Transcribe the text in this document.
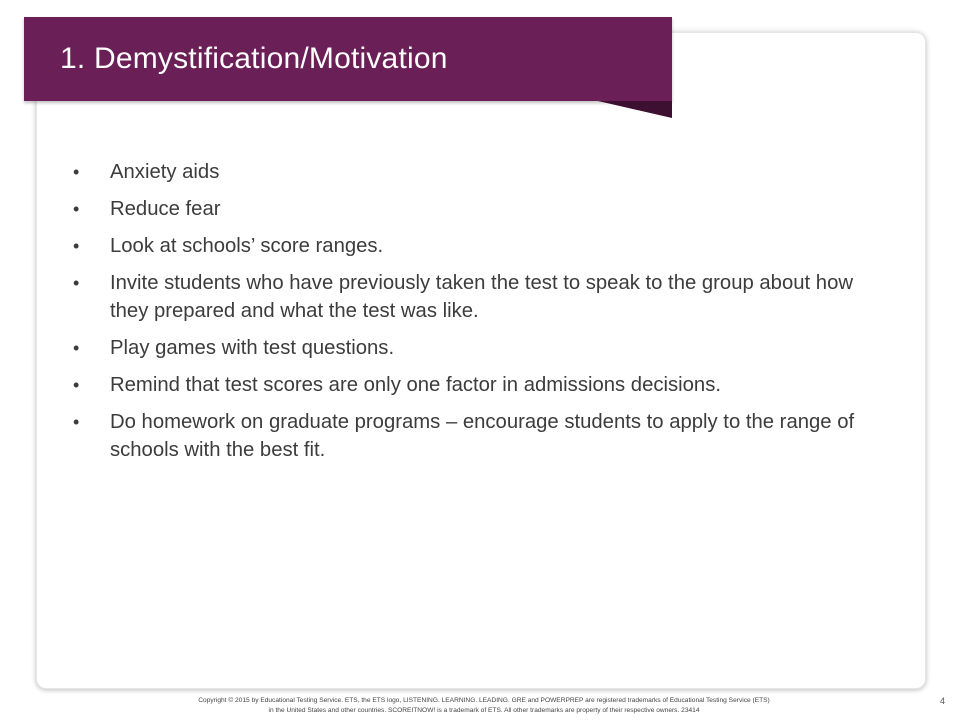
1. Demystification/Motivation
• Anxiety aids
• Reduce fear
• Look at schools’ score ranges.
• Invite students who have previously taken the test to speak to the group about how they prepared and what the test was like.
• Play games with test questions.
• Remind that test scores are only one factor in admissions decisions.
• Do homework on graduate programs – encourage students to apply to the range of schools with the best fit.
Copyright © 2015 by Educational Testing Service. ETS, the ETS logo, LISTENING. LEARNING. LEADING. GRE and POWERPREP are registered trademarks of Educational Testing Service (ETS)
in the United States and other countries. SCOREITNOW! is a trademark of ETS. All other trademarks are property of their respective owners. 23414
4
